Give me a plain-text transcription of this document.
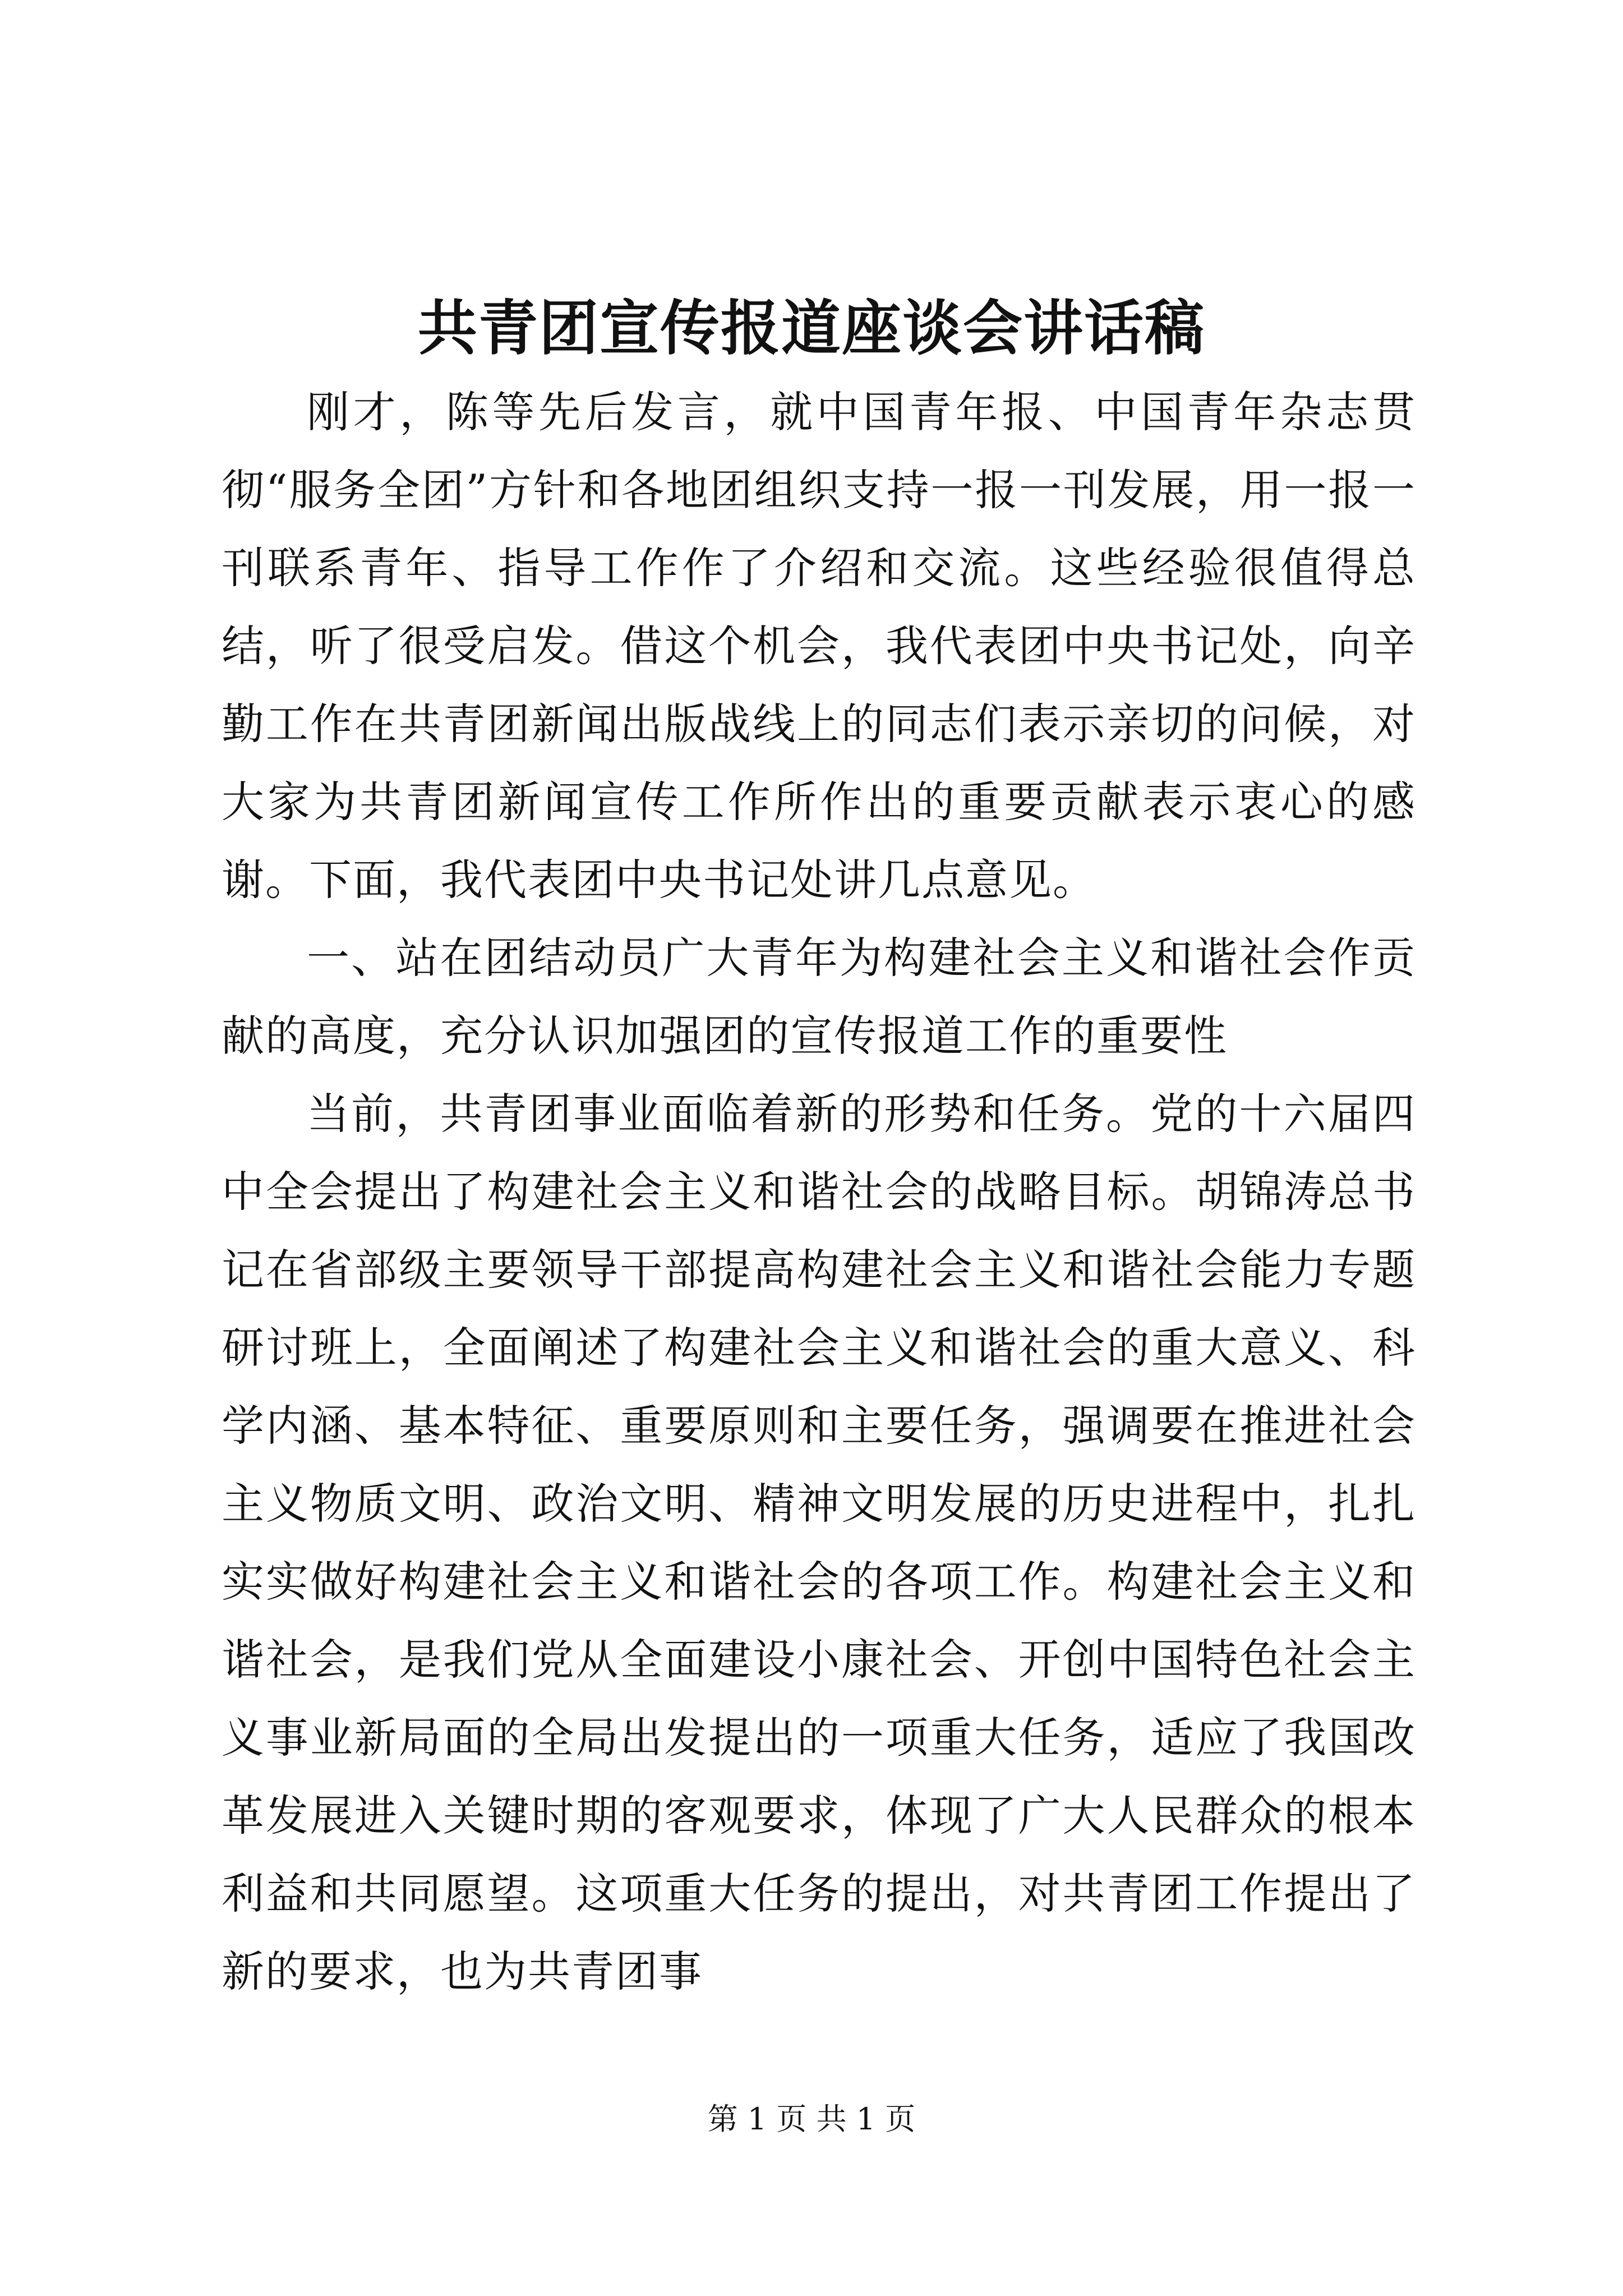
共青团宣传报道座谈会讲话稿

刚才，陈等先后发言，就中国青年报、中国青年杂志贯彻“服务全团”方针和各地团组织支持一报一刊发展，用一报一刊联系青年、指导工作作了介绍和交流。这些经验很值得总结，听了很受启发。借这个机会，我代表团中央书记处，向辛勤工作在共青团新闻出版战线上的同志们表示亲切的问候，对大家为共青团新闻宣传工作所作出的重要贡献表示衷心的感谢。下面，我代表团中央书记处讲几点意见。

一、站在团结动员广大青年为构建社会主义和谐社会作贡献的高度，充分认识加强团的宣传报道工作的重要性

当前，共青团事业面临着新的形势和任务。党的十六届四中全会提出了构建社会主义和谐社会的战略目标。胡锦涛总书记在省部级主要领导干部提高构建社会主义和谐社会能力专题研讨班上，全面阐述了构建社会主义和谐社会的重大意义、科学内涵、基本特征、重要原则和主要任务，强调要在推进社会主义物质文明、政治文明、精神文明发展的历史进程中，扎扎实实做好构建社会主义和谐社会的各项工作。构建社会主义和谐社会，是我们党从全面建设小康社会、开创中国特色社会主义事业新局面的全局出发提出的一项重大任务，适应了我国改革发展进入关键时期的客观要求，体现了广大人民群众的根本利益和共同愿望。这项重大任务的提出，对共青团工作提出了新的要求，也为共青团事

第 1 页 共 1 页
